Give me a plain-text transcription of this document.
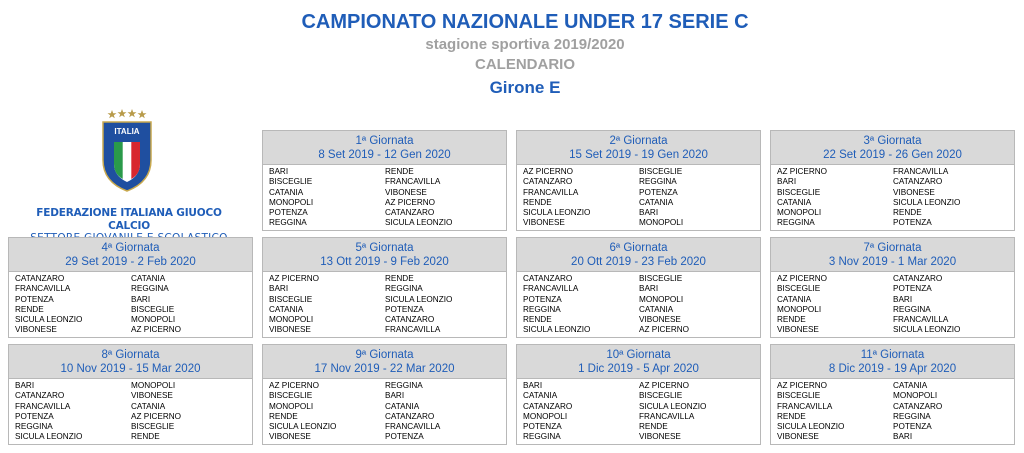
CAMPIONATO NAZIONALE UNDER 17 SERIE C
stagione sportiva 2019/2020
CALENDARIO
Girone E
ITALIA
FEDERAZIONE ITALIANA GIUOCO CALCIO
1ª Giornata
8 Set 2019 - 12 Gen 2020
BARI	RENDE
BISCEGLIE	FRANCAVILLA
CATANIA	VIBONESE
MONOPOLI	AZ PICERNO
POTENZA	CATANZARO
REGGINA	SICULA LEONZIO
2ª Giornata
15 Set 2019 - 19 Gen 2020
AZ PICERNO	BISCEGLIE
CATANZARO	REGGINA
FRANCAVILLA	POTENZA
RENDE	CATANIA
SICULA LEONZIO	BARI
VIBONESE	MONOPOLI
3ª Giornata
22 Set 2019 - 26 Gen 2020
AZ PICERNO	FRANCAVILLA
BARI	CATANZARO
BISCEGLIE	VIBONESE
CATANIA	SICULA LEONZIO
MONOPOLI	RENDE
REGGINA	POTENZA
4ª Giornata
29 Set 2019 - 2 Feb 2020
CATANZARO	CATANIA
FRANCAVILLA	REGGINA
POTENZA	BARI
RENDE	BISCEGLIE
SICULA LEONZIO	MONOPOLI
VIBONESE	AZ PICERNO
5ª Giornata
13 Ott 2019 - 9 Feb 2020
AZ PICERNO	RENDE
BARI	REGGINA
BISCEGLIE	SICULA LEONZIO
CATANIA	POTENZA
MONOPOLI	CATANZARO
VIBONESE	FRANCAVILLA
6ª Giornata
20 Ott 2019 - 23 Feb 2020
CATANZARO	BISCEGLIE
FRANCAVILLA	BARI
POTENZA	MONOPOLI
REGGINA	CATANIA
RENDE	VIBONESE
SICULA LEONZIO	AZ PICERNO
7ª Giornata
3 Nov 2019 - 1 Mar 2020
AZ PICERNO	CATANZARO
BISCEGLIE	POTENZA
CATANIA	BARI
MONOPOLI	REGGINA
RENDE	FRANCAVILLA
VIBONESE	SICULA LEONZIO
8ª Giornata
10 Nov 2019 - 15 Mar 2020
BARI	MONOPOLI
CATANZARO	VIBONESE
FRANCAVILLA	CATANIA
POTENZA	AZ PICERNO
REGGINA	BISCEGLIE
SICULA LEONZIO	RENDE
9ª Giornata
17 Nov 2019 - 22 Mar 2020
AZ PICERNO	REGGINA
BISCEGLIE	BARI
MONOPOLI	CATANIA
RENDE	CATANZARO
SICULA LEONZIO	FRANCAVILLA
VIBONESE	POTENZA
10ª Giornata
1 Dic 2019 - 5 Apr 2020
BARI	AZ PICERNO
CATANIA	BISCEGLIE
CATANZARO	SICULA LEONZIO
MONOPOLI	FRANCAVILLA
POTENZA	RENDE
REGGINA	VIBONESE
11ª Giornata
8 Dic 2019 - 19 Apr 2020
AZ PICERNO	CATANIA
BISCEGLIE	MONOPOLI
FRANCAVILLA	CATANZARO
RENDE	REGGINA
SICULA LEONZIO	POTENZA
VIBONESE	BARI
